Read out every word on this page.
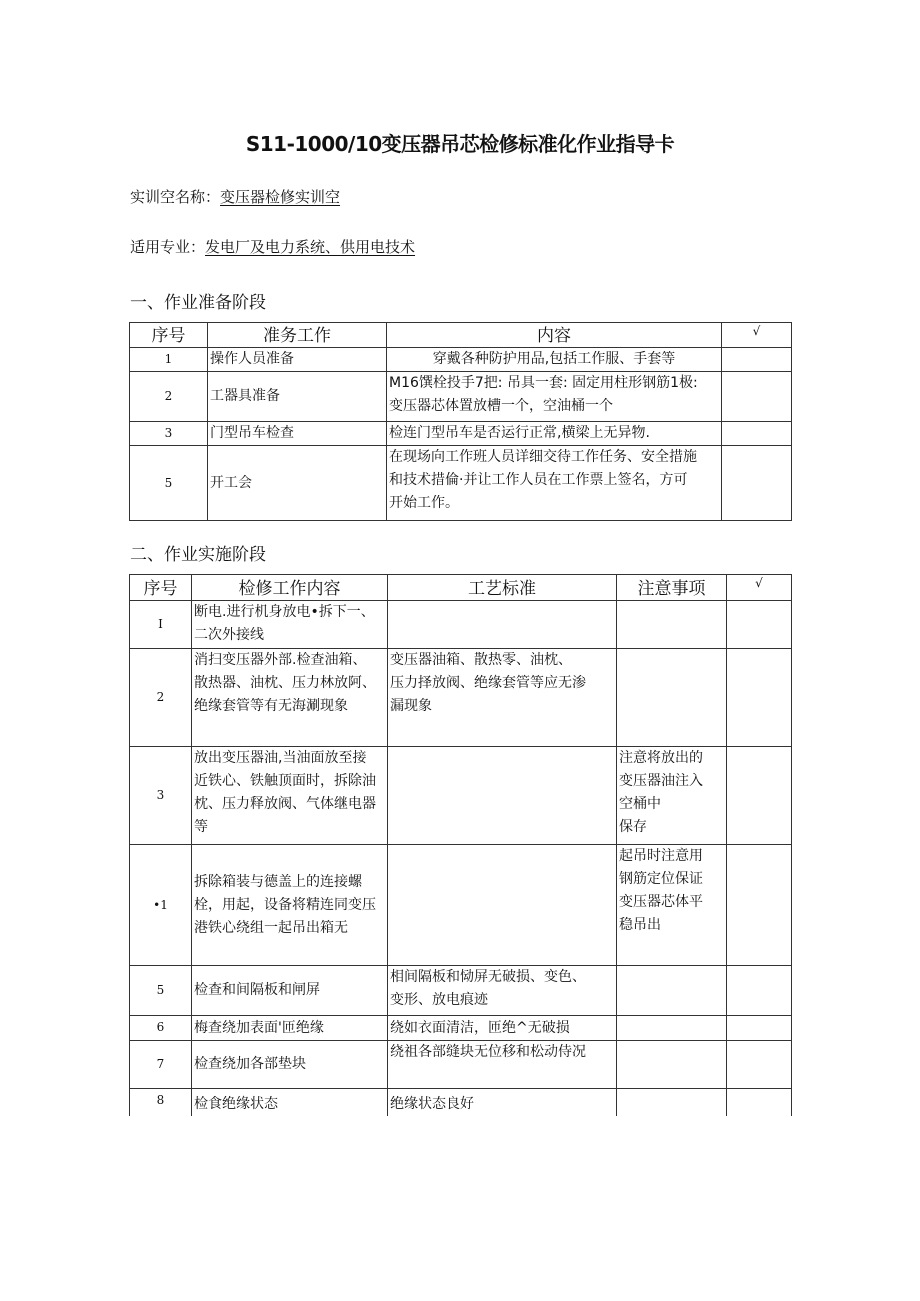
S11-1000/10变压器吊芯检修标准化作业指导卡
实训空名称：变压器检修实训空
适用专业：发电厂及电力系统、供用电技术
一、作业准备阶段
序号	准务工作	内容	√
1	操作人员准备	穿戴各种防护用品,包括工作服、手套等	
2	工器具准备	M16馔栓投手7把: 吊具一套: 固定用柱形钢筋1极:
变压器芯体置放槽一个，空油桶一个	

3	门型吊车检查	检连门型吊车是否运行正常,横梁上无异物.	
5	开工会	在现场向工作班人员详细交待工作任务、安全措施
和技术措倫·并让工作人员在工作票上签名，方可
开始工作。	

二、作业实施阶段
序号	检修工作内容	工艺标准	注意事项	√
I	断电.进行机身放电•拆下一、
二次外接线			

2	消扫变压器外部.检查油箱、
散热器、油枕、压力林放阿、
绝缘套管等有无海涮现象	变压器油箱、散热零、油枕、
压力择放阀、绝缘套管等应无渗
漏现象		

3	放出变压器油,当油面放至接
近铁心、铁触顶面时，拆除油
枕、压力释放阀、气体继电器
等		注意将放出的
变压器油注入
空桶中
保存	

•1	拆除箱装与德盖上的连接螺
栓，用起，设备将精连同变压
港铁心绕组一起吊出箱无		起吊时注意用
钢筋定位保证
变压器芯体平
稳吊出	

5	检查和间隔板和闸屏	相间隔板和恸屏无破损、变色、
变形、放电痕迹		

6	梅查绕加表面'匝绝缘	绕如衣面清洁，匝绝^无破损		
7	检查绕加各部垫块	绕祖各部缝块无位移和松动侍况		
8	检食绝缘状态	绝缘状态良好		
